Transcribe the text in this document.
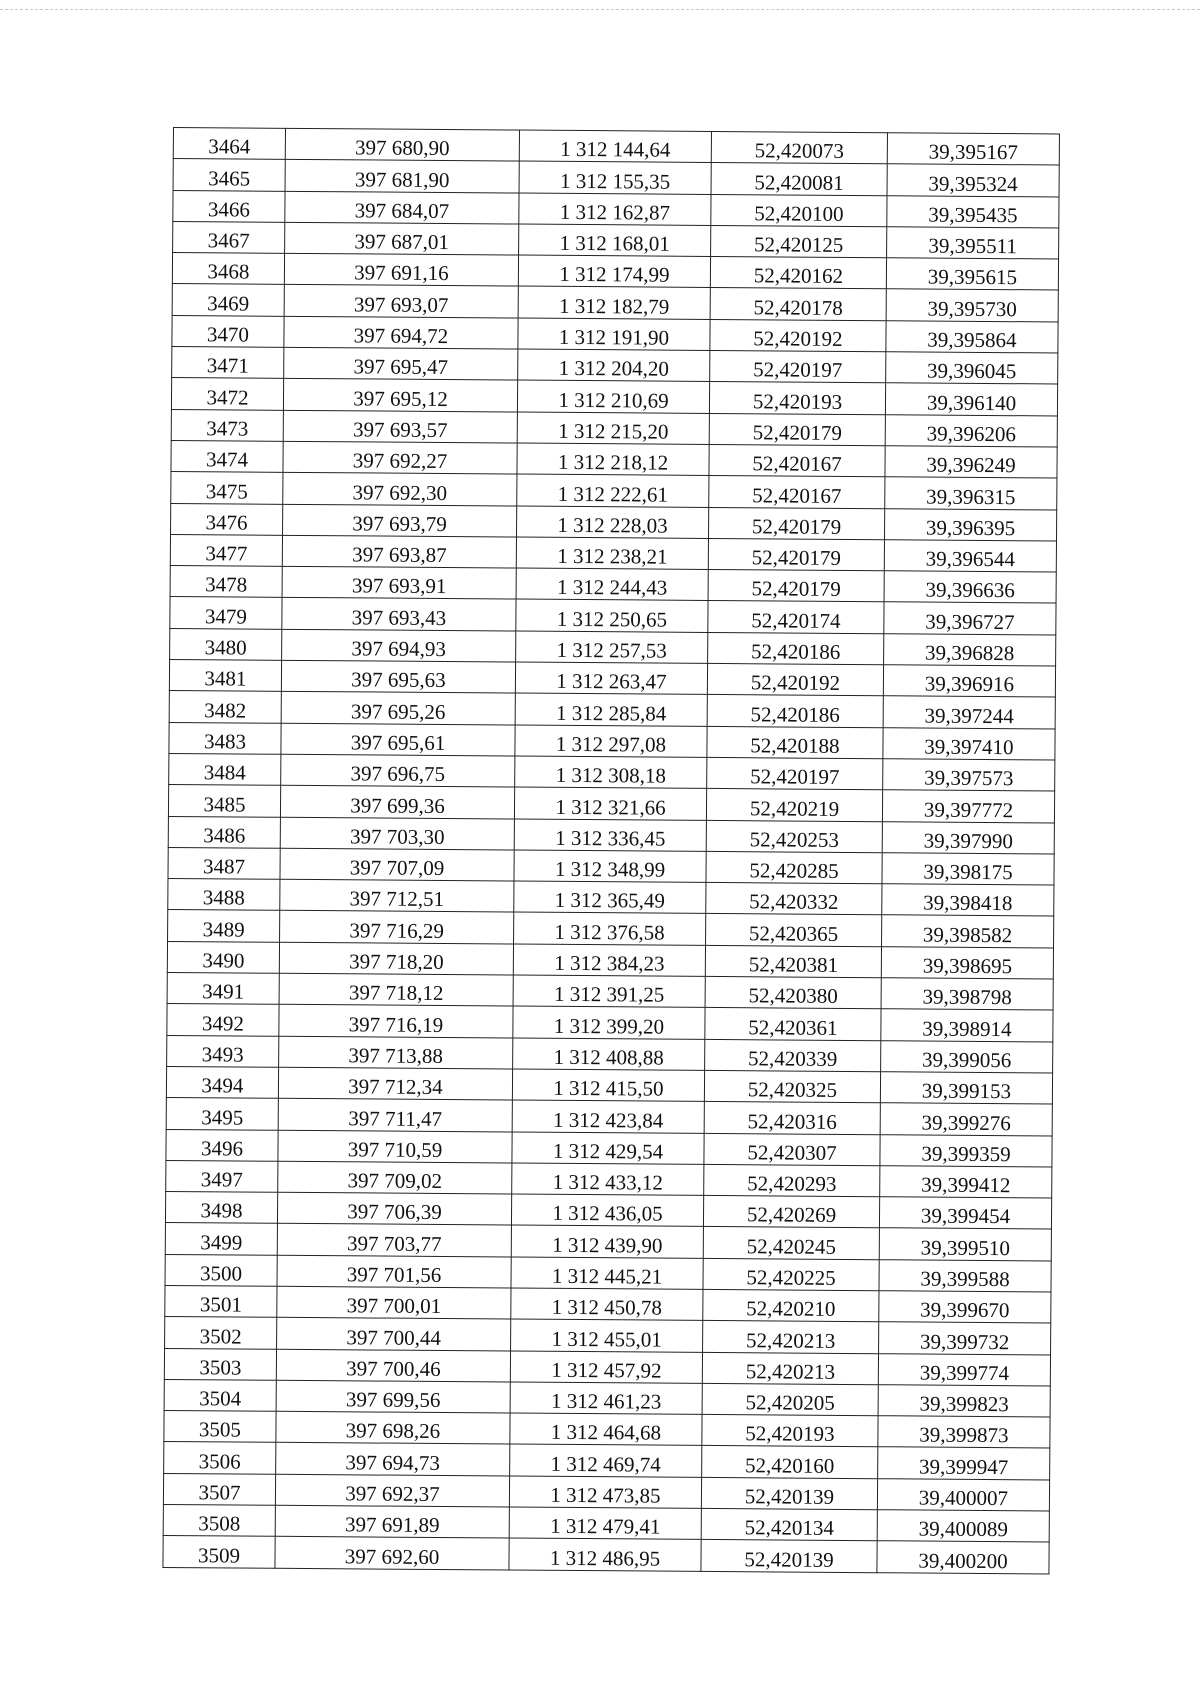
3464	397 680,90	1 312 144,64	52,420073	39,395167
3465	397 681,90	1 312 155,35	52,420081	39,395324
3466	397 684,07	1 312 162,87	52,420100	39,395435
3467	397 687,01	1 312 168,01	52,420125	39,395511
3468	397 691,16	1 312 174,99	52,420162	39,395615
3469	397 693,07	1 312 182,79	52,420178	39,395730
3470	397 694,72	1 312 191,90	52,420192	39,395864
3471	397 695,47	1 312 204,20	52,420197	39,396045
3472	397 695,12	1 312 210,69	52,420193	39,396140
3473	397 693,57	1 312 215,20	52,420179	39,396206
3474	397 692,27	1 312 218,12	52,420167	39,396249
3475	397 692,30	1 312 222,61	52,420167	39,396315
3476	397 693,79	1 312 228,03	52,420179	39,396395
3477	397 693,87	1 312 238,21	52,420179	39,396544
3478	397 693,91	1 312 244,43	52,420179	39,396636
3479	397 693,43	1 312 250,65	52,420174	39,396727
3480	397 694,93	1 312 257,53	52,420186	39,396828
3481	397 695,63	1 312 263,47	52,420192	39,396916
3482	397 695,26	1 312 285,84	52,420186	39,397244
3483	397 695,61	1 312 297,08	52,420188	39,397410
3484	397 696,75	1 312 308,18	52,420197	39,397573
3485	397 699,36	1 312 321,66	52,420219	39,397772
3486	397 703,30	1 312 336,45	52,420253	39,397990
3487	397 707,09	1 312 348,99	52,420285	39,398175
3488	397 712,51	1 312 365,49	52,420332	39,398418
3489	397 716,29	1 312 376,58	52,420365	39,398582
3490	397 718,20	1 312 384,23	52,420381	39,398695
3491	397 718,12	1 312 391,25	52,420380	39,398798
3492	397 716,19	1 312 399,20	52,420361	39,398914
3493	397 713,88	1 312 408,88	52,420339	39,399056
3494	397 712,34	1 312 415,50	52,420325	39,399153
3495	397 711,47	1 312 423,84	52,420316	39,399276
3496	397 710,59	1 312 429,54	52,420307	39,399359
3497	397 709,02	1 312 433,12	52,420293	39,399412
3498	397 706,39	1 312 436,05	52,420269	39,399454
3499	397 703,77	1 312 439,90	52,420245	39,399510
3500	397 701,56	1 312 445,21	52,420225	39,399588
3501	397 700,01	1 312 450,78	52,420210	39,399670
3502	397 700,44	1 312 455,01	52,420213	39,399732
3503	397 700,46	1 312 457,92	52,420213	39,399774
3504	397 699,56	1 312 461,23	52,420205	39,399823
3505	397 698,26	1 312 464,68	52,420193	39,399873
3506	397 694,73	1 312 469,74	52,420160	39,399947
3507	397 692,37	1 312 473,85	52,420139	39,400007
3508	397 691,89	1 312 479,41	52,420134	39,400089
3509	397 692,60	1 312 486,95	52,420139	39,400200
